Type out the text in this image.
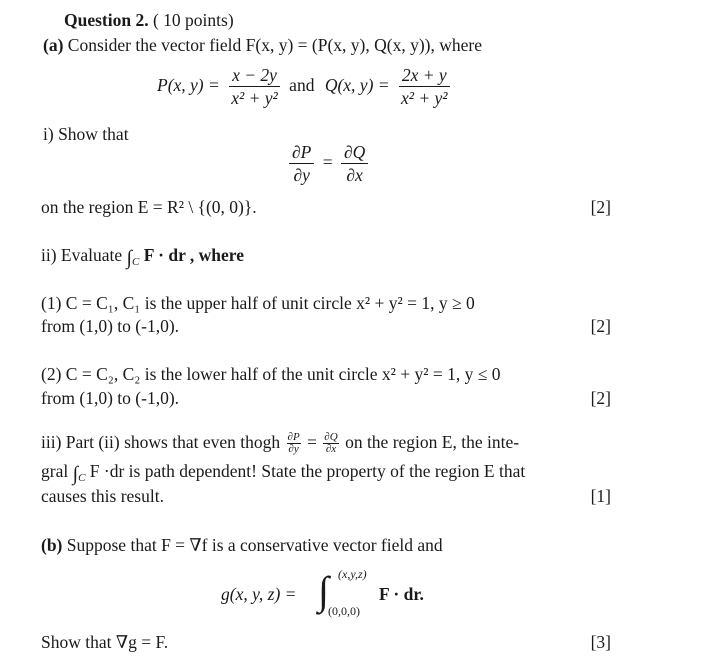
Question 2. ( 10 points)
(a) Consider the vector field F(x, y) = (P(x, y), Q(x, y)), where
P(x, $y) = \frac{x - 2y}{\text{x² + y²}}$ and Q(x, $y) = \frac{2x + y}{\text{x² + y²}}$
i) Show that
$\frac{\partial P}{\partial y} = \frac{\partial Q}{\partial x}$
on the region E = R² \ {(0, 0)}.	[2]
ii) Evaluate $\int_C$ F · dr , where
(1) C = C₁, C₁ is the upper half of unit circle x² + y² = 1, y ≥ 0
from (1,0) to (-1,0).	[2]
(2) C = C₂, C₂ is the lower half of the unit circle x² + y² = 1, y ≤ 0
from (1,0) to (-1,0).	[2]
iii) Part (ii) shows that even thogh $\frac{\partial P}{\partial y} = \frac{\partial Q}{\partial x}$ on the region E, the inte-
gral $\int_C$ F ·dr is path dependent! State the property of the region E that
causes this result.	[1]
(b) Suppose that F = ∇f is a conservative vector field and
g(x, y, z) = ∫ (x,y,z)
(0,0,0)
F · dr.
Show that ∇g = F.	[3]
